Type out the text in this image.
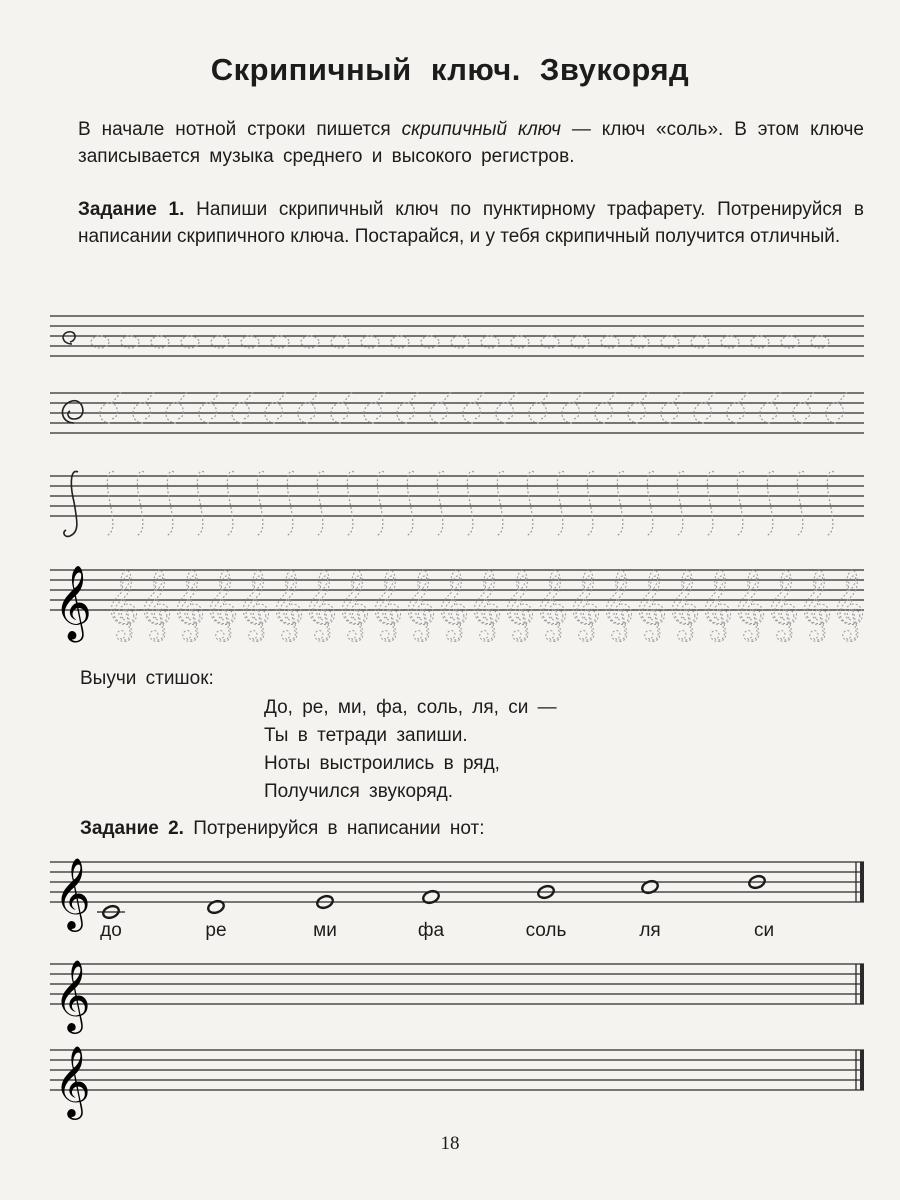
Скрипичный ключ. Звукоряд
В начале нотной строки пишется скрипичный ключ — ключ «соль». В этом ключе записывается музыка среднего и высокого регистров.
Задание 1. Напиши скрипичный ключ по пунктирному трафарету. Потренируйся в написании скрипичного ключа. Постарайся, и у тебя скрипичный получится отличный.
𝄞 𝄞
𝄞
𝄞
𝄞
𝄞
𝄞
𝄞
𝄞
𝄞
𝄞
𝄞
𝄞
𝄞
𝄞
𝄞
𝄞
𝄞
𝄞
𝄞
𝄞
𝄞
𝄞
𝄞
𝄞
𝄞
𝄞
Выучи стишок:
До, ре, ми, фа, соль, ля, си —
Ты в тетради запиши.
Ноты выстроились в ряд,
Получился звукоряд.
Задание 2. Потренируйся в написании нот:
до	ре	ми	фа	соль	ля	си
18
